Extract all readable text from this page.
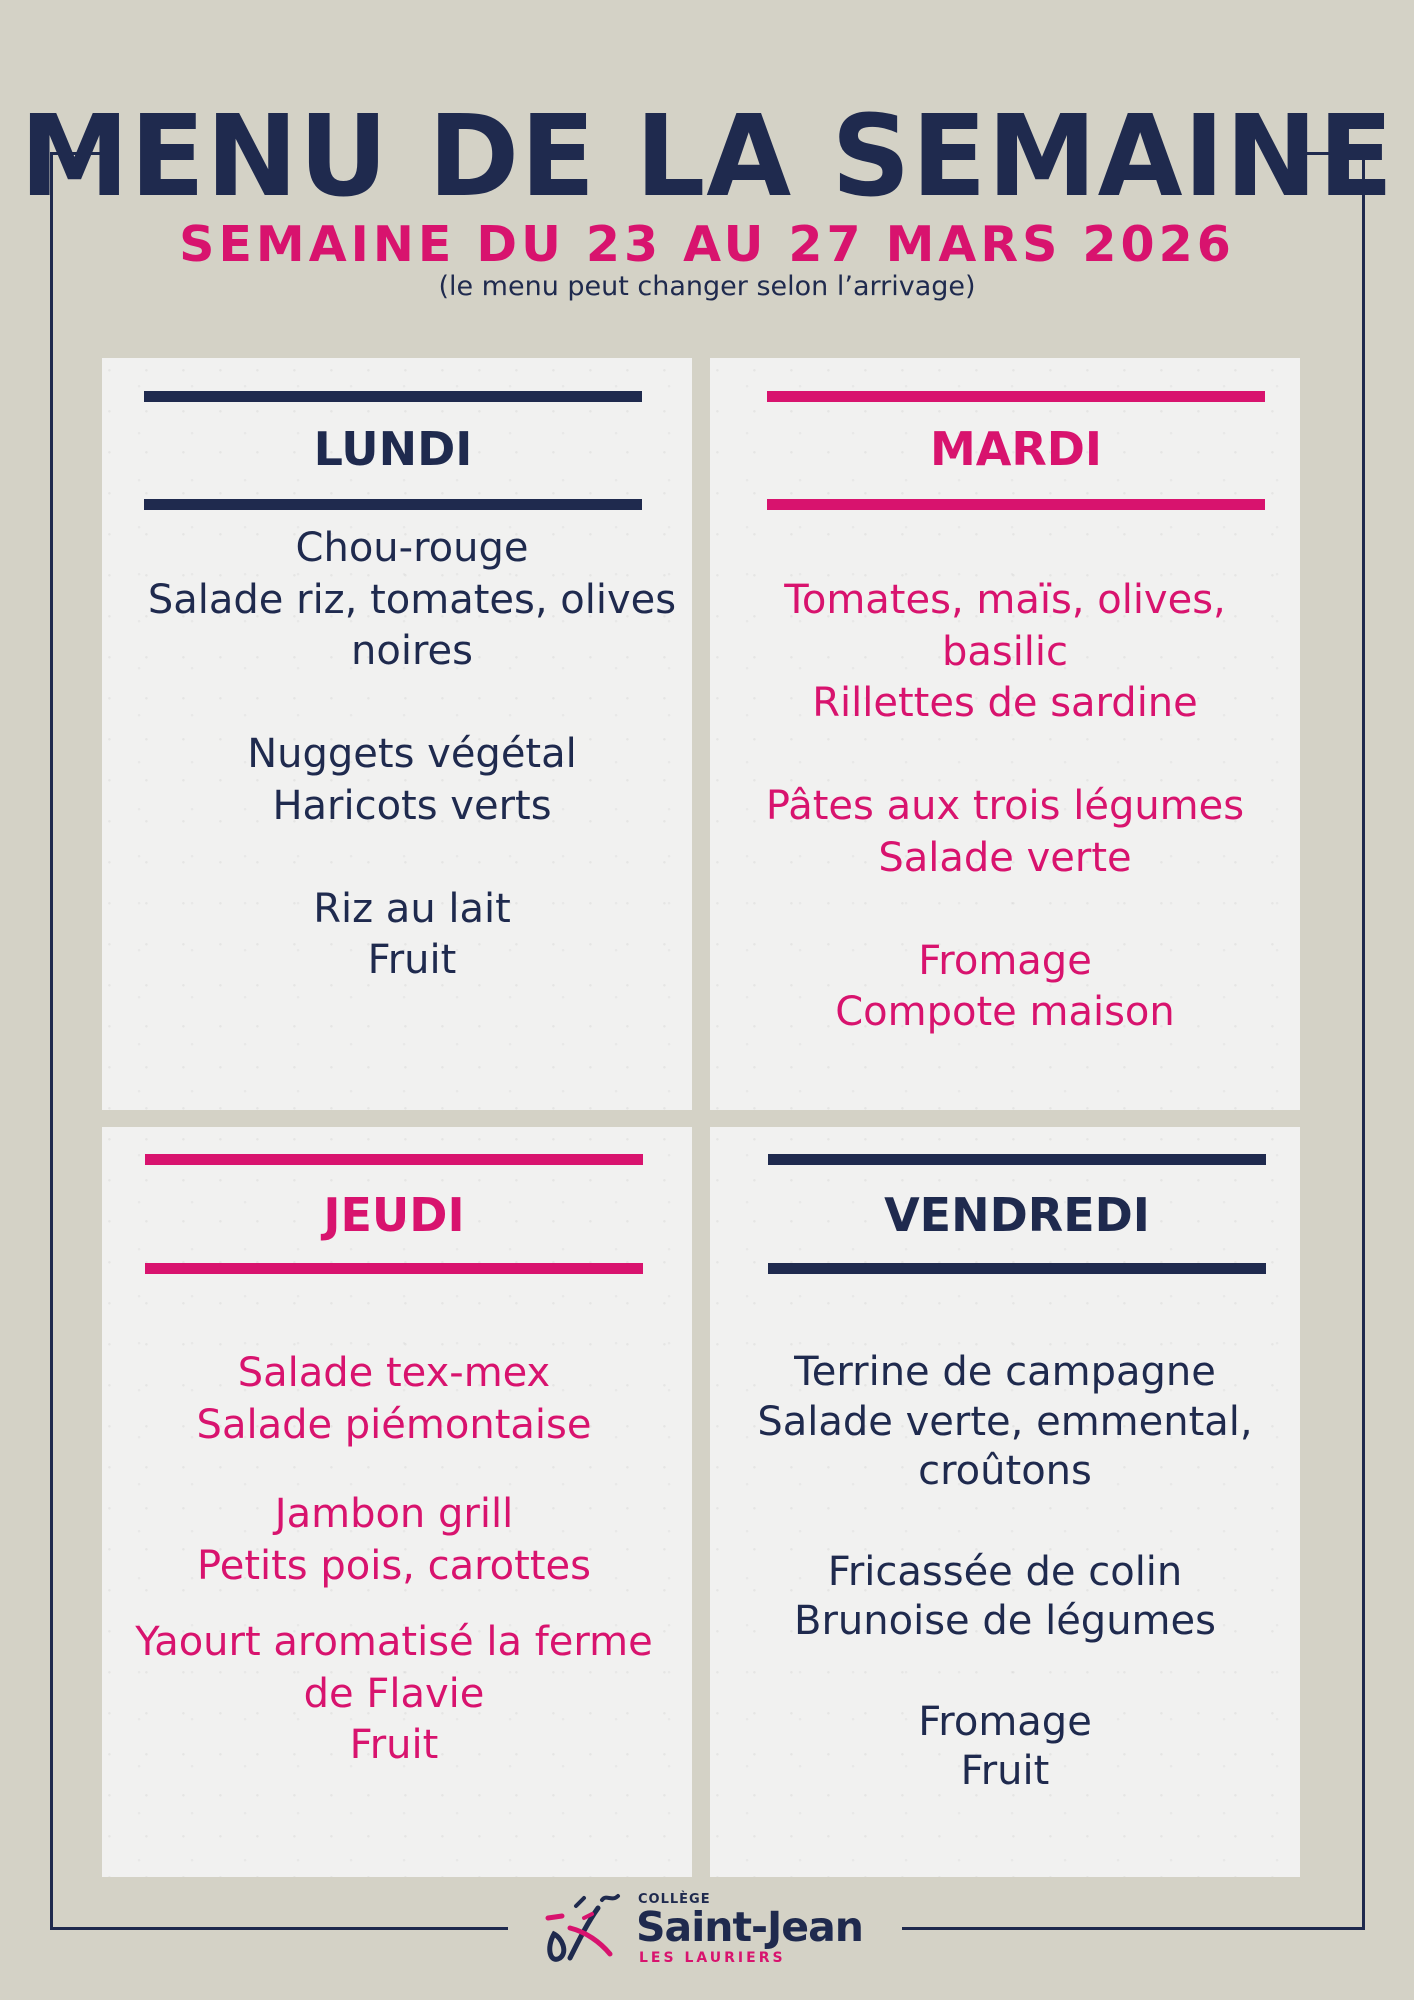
MENU DE LA SEMAINE
SEMAINE DU 23 AU 27 MARS 2026
(le menu peut changer selon l’arrivage)
LUNDI
Chou-rouge
Salade riz, tomates, olives
noires
Nuggets végétal
Haricots verts
Riz au lait
Fruit
MARDI
Tomates, maïs, olives,
basilic
Rillettes de sardine
Pâtes aux trois légumes
Salade verte
Fromage
Compote maison
JEUDI
Salade tex-mex
Salade piémontaise
Jambon grill
Petits pois, carottes
Yaourt aromatisé la ferme
de Flavie
Fruit
VENDREDI
Terrine de campagne
Salade verte, emmental,
croûtons
Fricassée de colin
Brunoise de légumes
Fromage
Fruit
COLLÈGE
Saint-Jean
LES LAURIERS
